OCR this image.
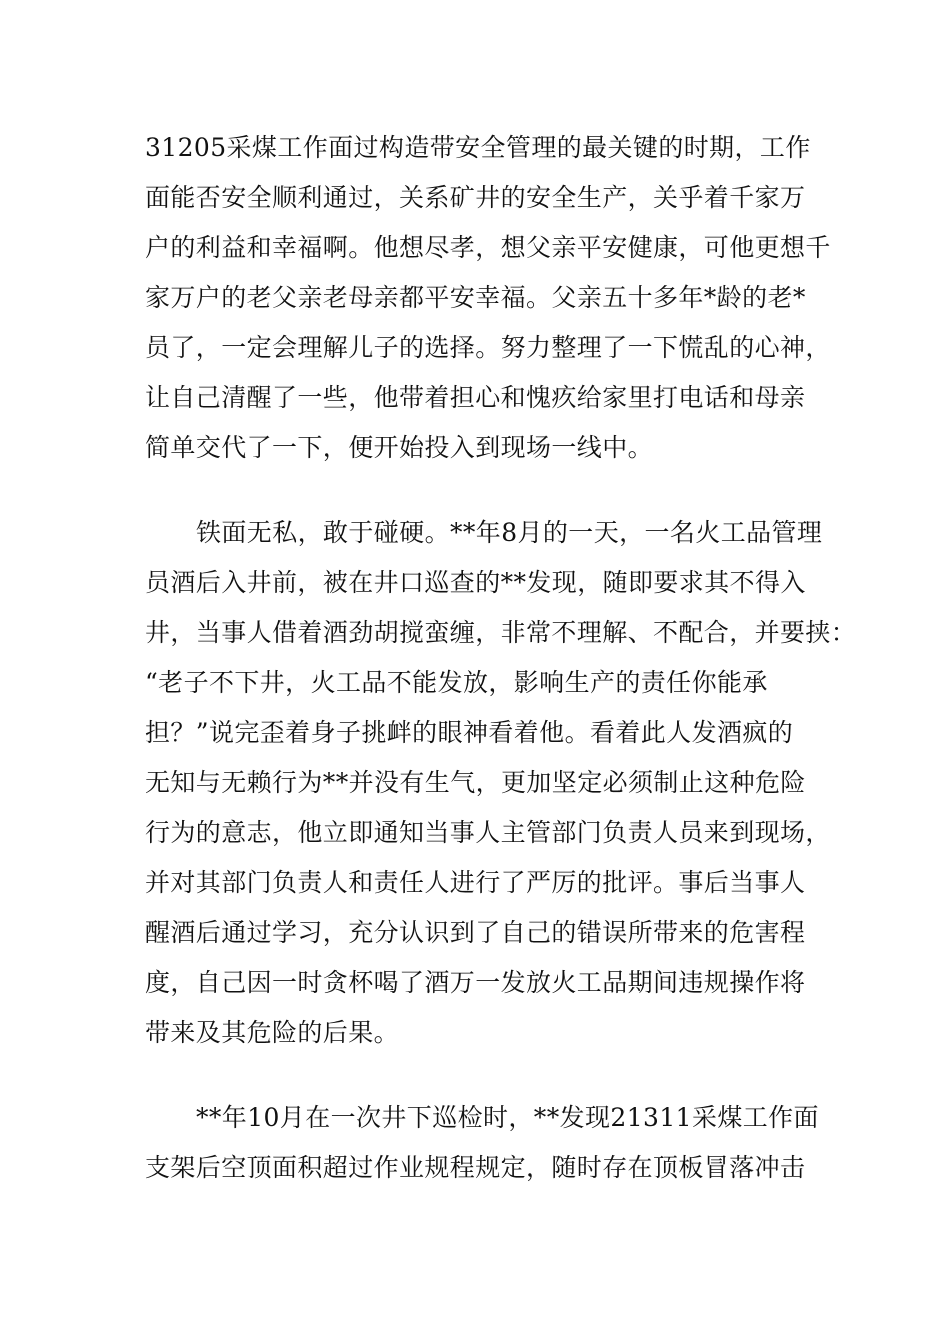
31205采煤工作面过构造带安全管理的最关键的时期，工作
面能否安全顺利通过，关系矿井的安全生产，关乎着千家万
户的利益和幸福啊。他想尽孝，想父亲平安健康，可他更想千
家万户的老父亲老母亲都平安幸福。父亲五十多年*龄的老*
员了，一定会理解儿子的选择。努力整理了一下慌乱的心神，
让自己清醒了一些，他带着担心和愧疚给家里打电话和母亲
简单交代了一下，便开始投入到现场一线中。
铁面无私，敢于碰硬。**年8月的一天，一名火工品管理
员酒后入井前，被在井口巡查的**发现，随即要求其不得入
井，当事人借着酒劲胡搅蛮缠，非常不理解、不配合，并要挟：
“老子不下井，火工品不能发放，影响生产的责任你能承
担？”说完歪着身子挑衅的眼神看着他。看着此人发酒疯的
无知与无赖行为**并没有生气，更加坚定必须制止这种危险
行为的意志，他立即通知当事人主管部门负责人员来到现场，
并对其部门负责人和责任人进行了严厉的批评。事后当事人
醒酒后通过学习，充分认识到了自己的错误所带来的危害程
度，自己因一时贪杯喝了酒万一发放火工品期间违规操作将
带来及其危险的后果。
**年10月在一次井下巡检时，**发现21311采煤工作面
支架后空顶面积超过作业规程规定，随时存在顶板冒落冲击
